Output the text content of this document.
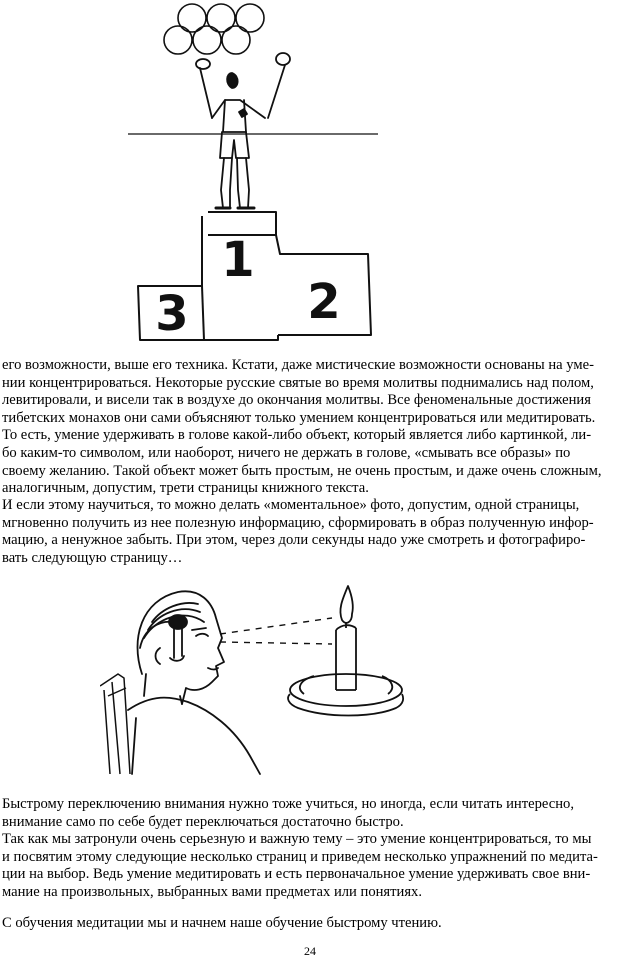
1
2
3

его возможности, выше его техника. Кстати, даже мистические возможности основаны на уме-
нии концентрироваться. Некоторые русские святые во время молитвы поднимались над полом,
левитировали, и висели так в воздухе до окончания молитвы. Все феноменальные достижения
тибетских монахов они сами объясняют только умением концентрироваться или медитировать.
То есть, умение удерживать в голове какой-либо объект, который является либо картинкой, ли-
бо каким-то символом, или наоборот, ничего не держать в голове, «смывать все образы» по
своему желанию. Такой объект может быть простым, не очень простым, и даже очень сложным,
аналогичным, допустим, трети страницы книжного текста.

И если этому научиться, то можно делать «моментальное» фото, допустим, одной страницы,
мгновенно получить из нее полезную информацию, сформировать в образ полученную инфор-
мацию, а ненужное забыть. При этом, через доли секунды надо уже смотреть и фотографиро-
вать следующую страницу…

Быстрому переключению внимания нужно тоже учиться, но иногда, если читать интересно,
внимание само по себе будет переключаться достаточно быстро.

Так как мы затронули очень серьезную и важную тему – это умение концентрироваться, то мы
и посвятим этому следующие несколько страниц и приведем несколько упражнений по медита-
ции на выбор. Ведь умение медитировать и есть первоначальное умение удерживать свое вни-
мание на произвольных, выбранных вами предметах или понятиях.

С обучения медитации мы и начнем наше обучение быстрому чтению.

24
